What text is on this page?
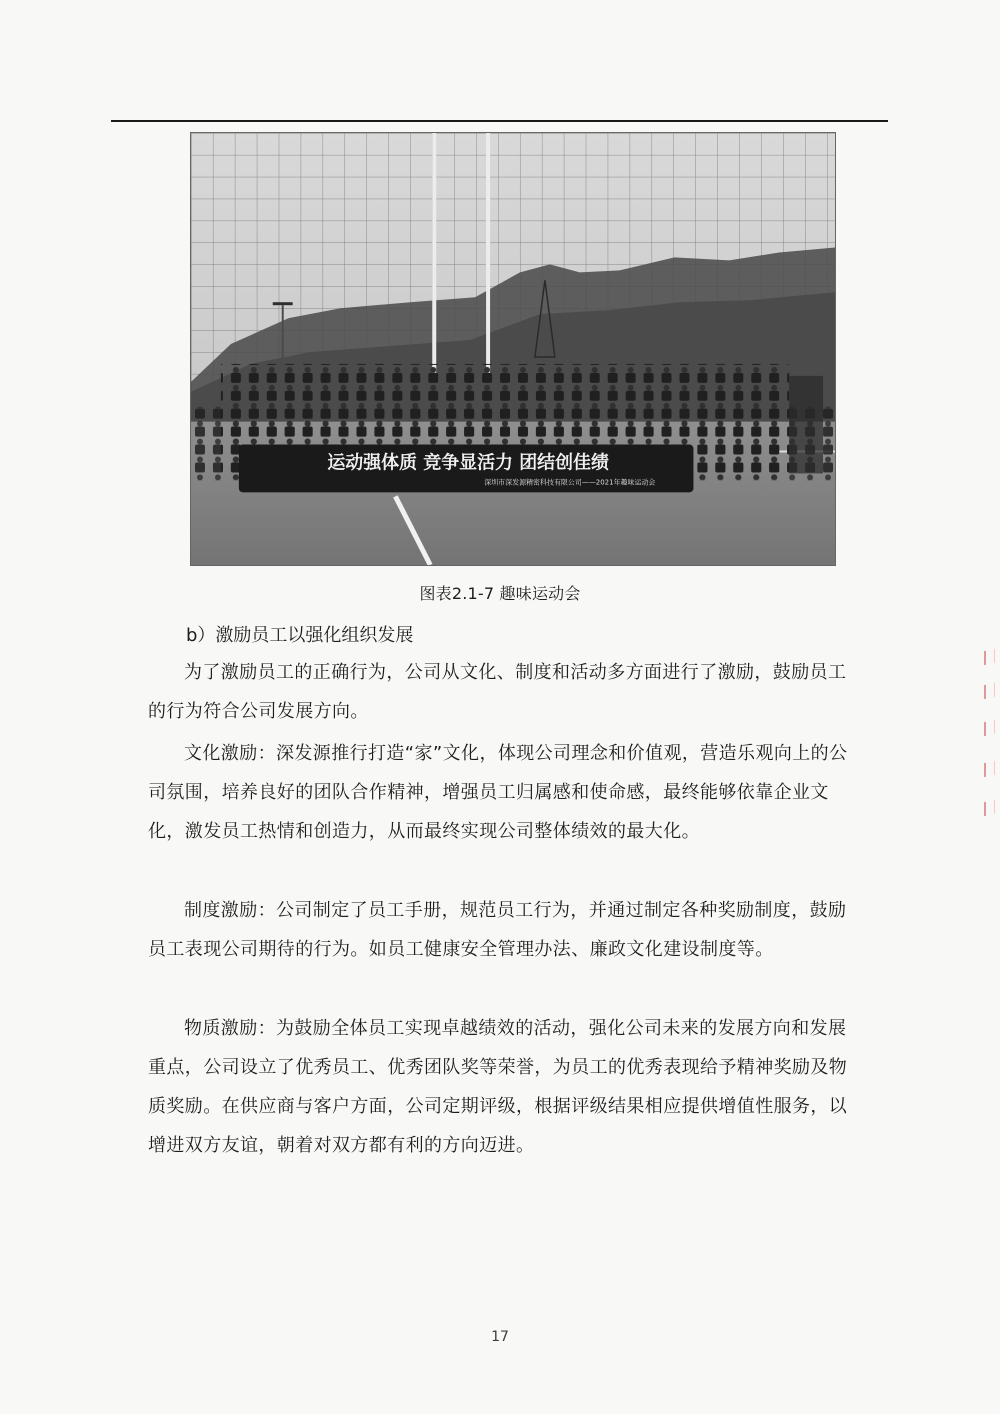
运动强体质 竞争显活力 团结创佳绩
深圳市深发源精密科技有限公司——2021年趣味运动会
图表2.1-7 趣味运动会
b）激励员工以强化组织发展

为了激励员工的正确行为，公司从文化、制度和活动多方面进行了激励，鼓励员工的行为符合公司发展方向。

文化激励：深发源推行打造“家”文化，体现公司理念和价值观，营造乐观向上的公司氛围，培养良好的团队合作精神，增强员工归属感和使命感，最终能够依靠企业文化，激发员工热情和创造力，从而最终实现公司整体绩效的最大化。

制度激励：公司制定了员工手册，规范员工行为，并通过制定各种奖励制度，鼓励员工表现公司期待的行为。如员工健康安全管理办法、廉政文化建设制度等。

物质激励：为鼓励全体员工实现卓越绩效的活动，强化公司未来的发展方向和发展重点，公司设立了优秀员工、优秀团队奖等荣誉，为员工的优秀表现给予精神奖励及物质奖励。在供应商与客户方面，公司定期评级，根据评级结果相应提供增值性服务，以增进双方友谊，朝着对双方都有利的方向迈进。

17
